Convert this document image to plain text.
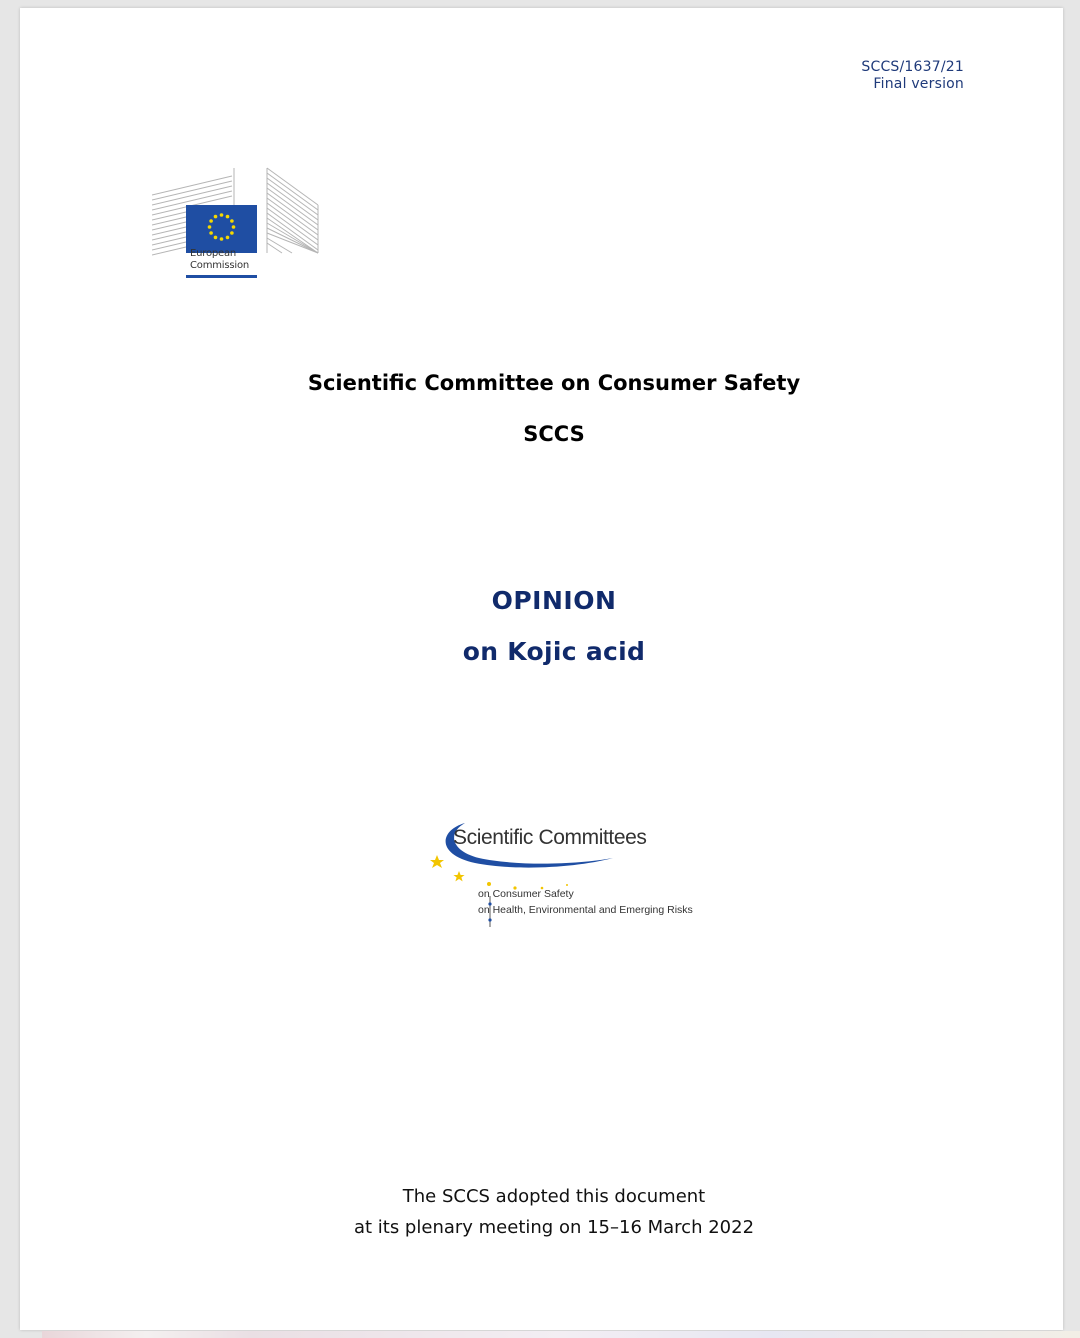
SCCS/1637/21
Final version
European
Commission
Scientific Committee on Consumer Safety
SCCS
OPINION
on Kojic acid
Scientific Committees
on Consumer Safety
on Health, Environmental and Emerging Risks
The SCCS adopted this document
at its plenary meeting on 15–16 March 2022
